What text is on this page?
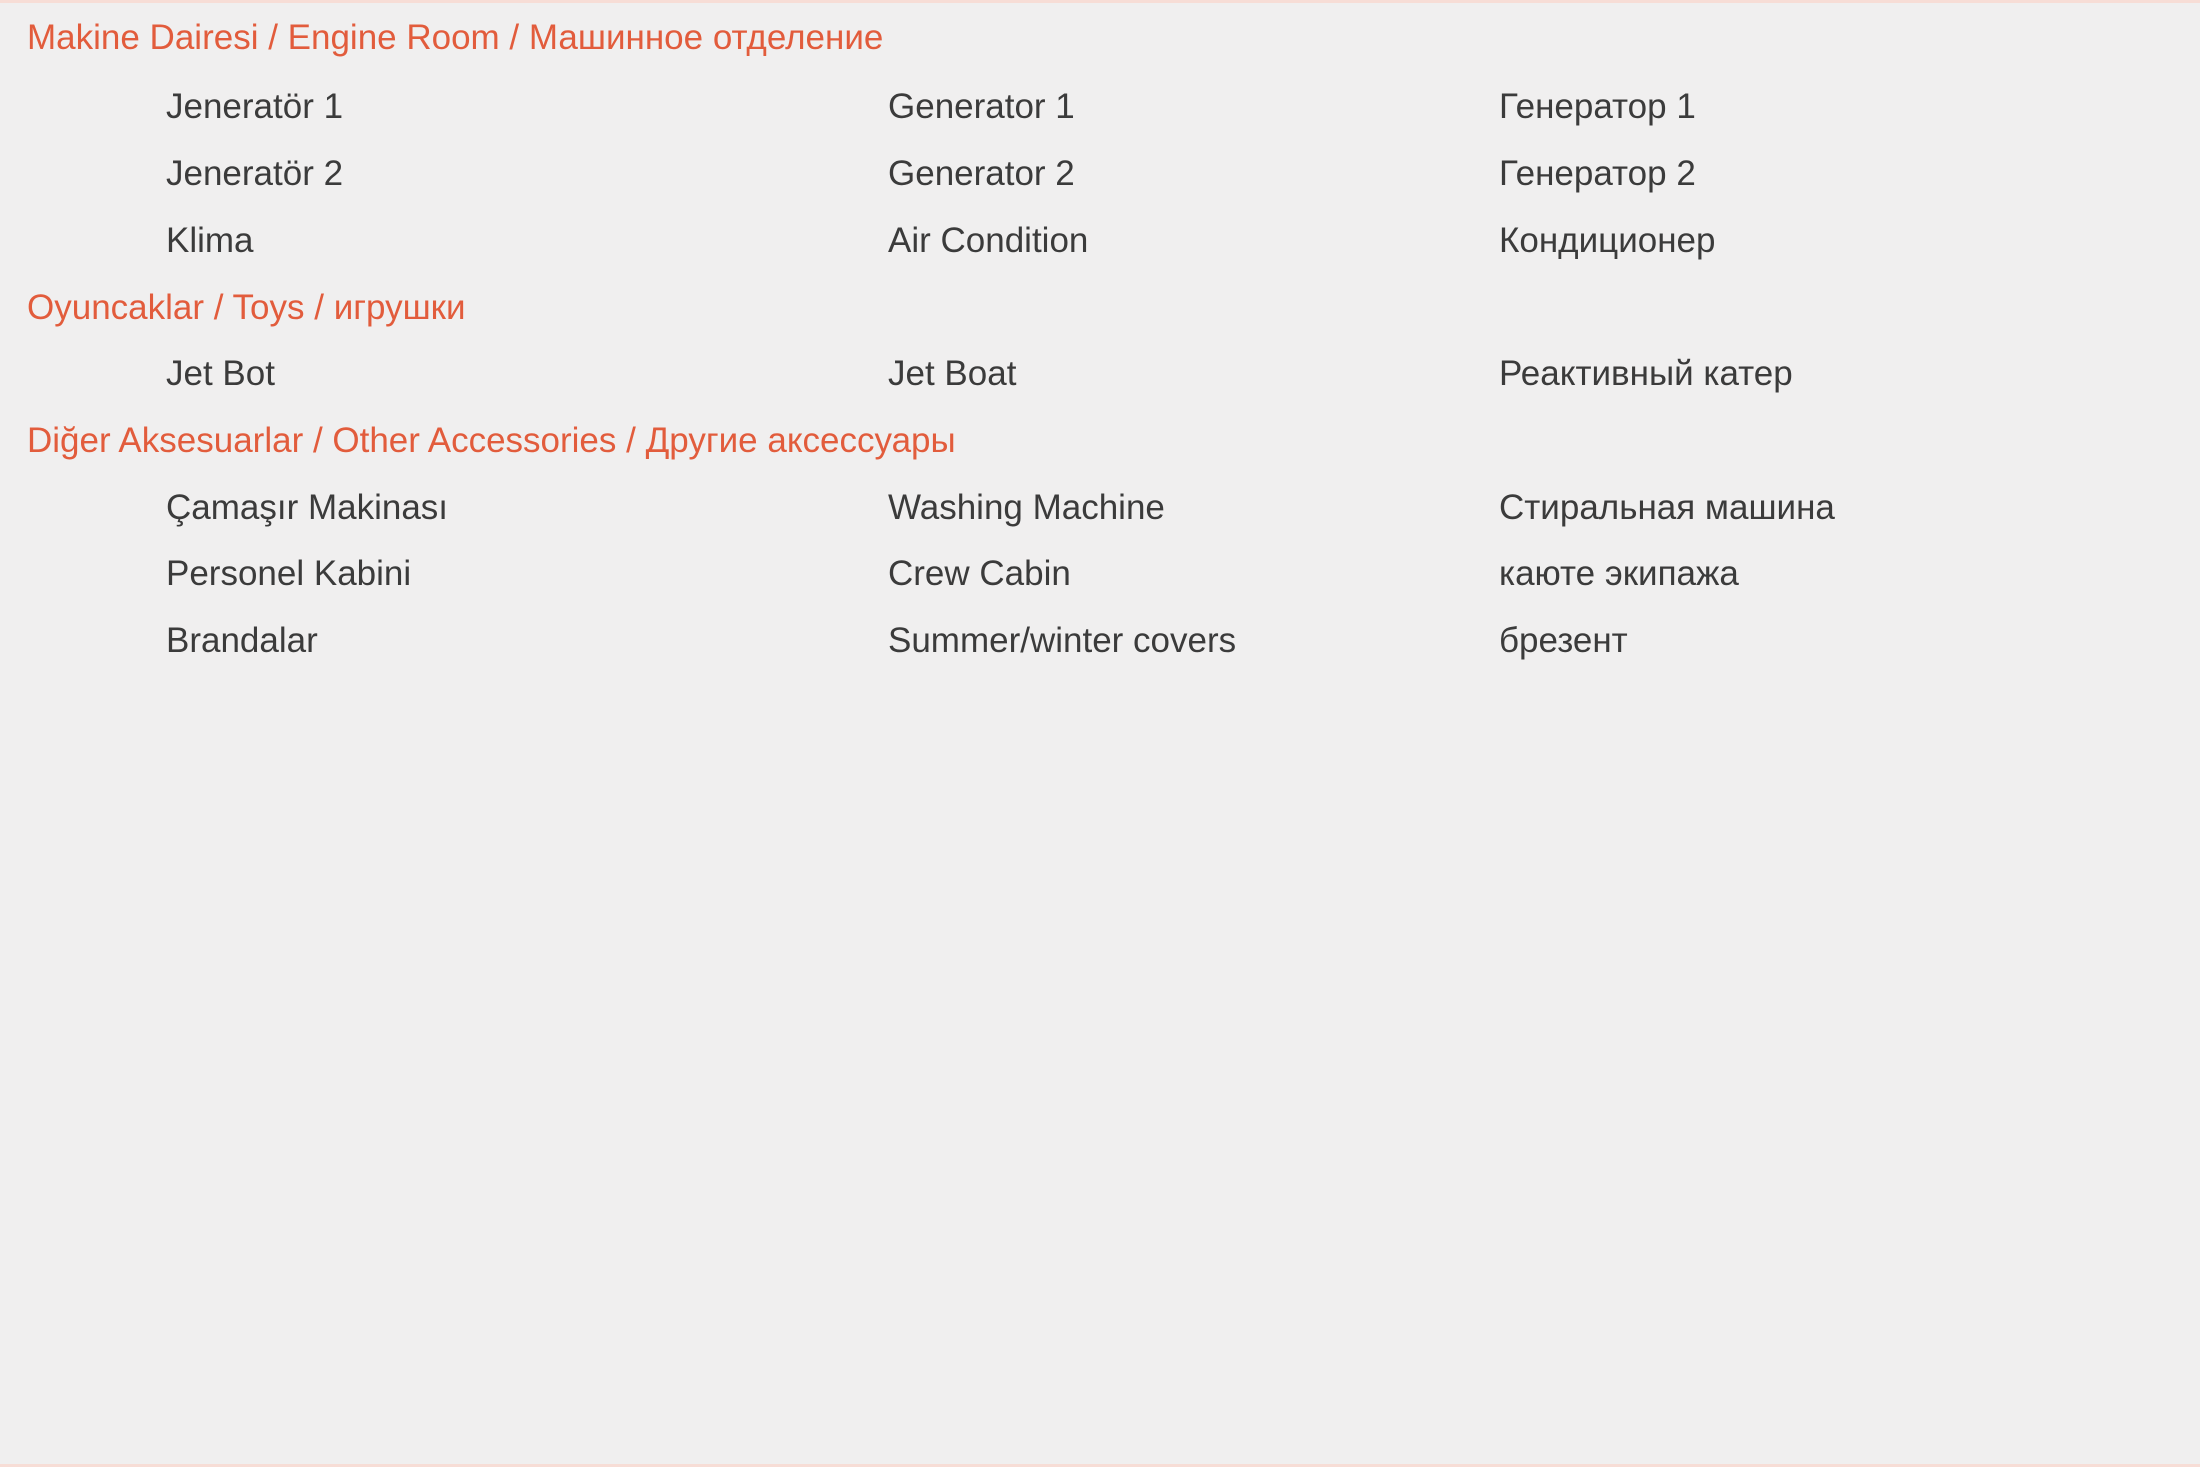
Makine Dairesi / Engine Room / Машинное отделение
Jeneratör 1	Generator 1	Генератор 1
Jeneratör 2	Generator 2	Генератор 2
Klima	Air Condition	Кондиционер
Oyuncaklar / Toys / игрушки
Jet Bot	Jet Boat	Реактивный катер
Diğer Aksesuarlar / Other Accessories / Другие аксессуары
Çamaşır Makinası	Washing Machine	Стиральная машина
Personel Kabini	Crew Cabin	каюте экипажа
Brandalar	Summer/winter covers	брезент
